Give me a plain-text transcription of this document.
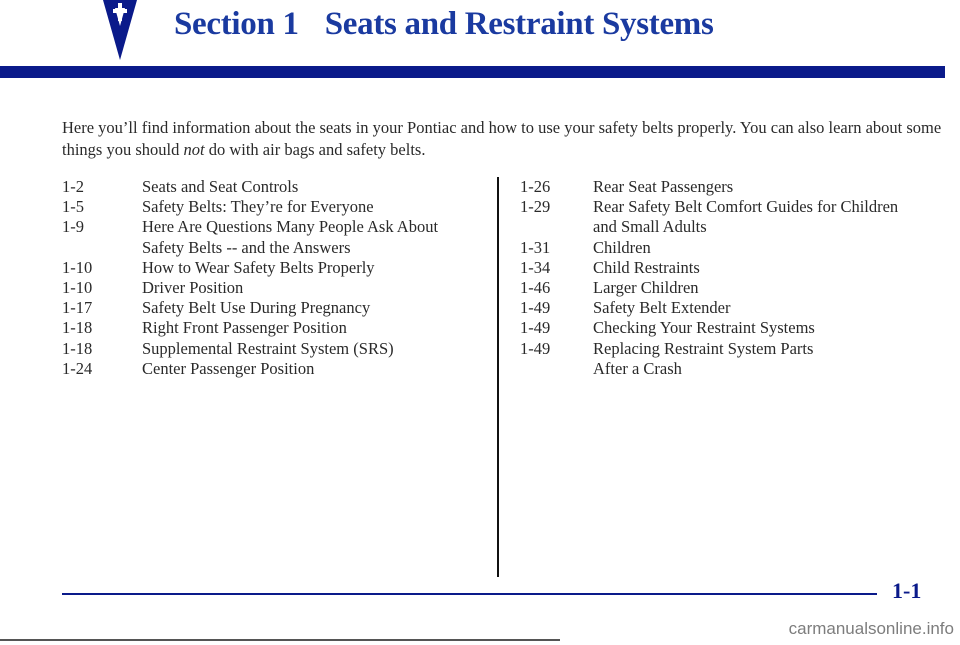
Section 1 Seats and Restraint Systems

Here you’ll find information about the seats in your Pontiac and how to use your safety belts properly. You can also learn about some things you should not do with air bags and safety belts.

1-2	Seats and Seat Controls
1-5	Safety Belts: They’re for Everyone
1-9	Here Are Questions Many People Ask About
Safety Belts -- and the Answers
1-10	How to Wear Safety Belts Properly
1-10	Driver Position
1-17	Safety Belt Use During Pregnancy
1-18	Right Front Passenger Position
1-18	Supplemental Restraint System (SRS)
1-24	Center Passenger Position
1-26	Rear Seat Passengers
1-29	Rear Safety Belt Comfort Guides for Children
and Small Adults
1-31	Children
1-34	Child Restraints
1-46	Larger Children
1-49	Safety Belt Extender
1-49	Checking Your Restraint Systems
1-49	Replacing Restraint System Parts
After a Crash
1-1
carmanualsonline.info
